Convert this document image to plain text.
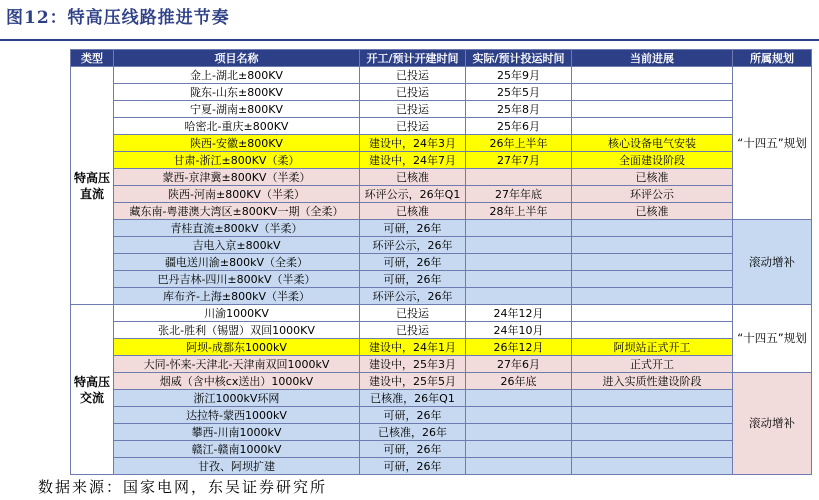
图12：特高压线路推进节奏
类型	项目名称	开工/预计开建时间	实际/预计投运时间	当前进展	所属规划
特高压直流	金上-湖北±800KV	已投运	25年9月		“十四五”规划
	陇东-山东±800KV	已投运	25年5月		
	宁夏-湖南±800KV	已投运	25年8月		
	哈密北-重庆±800KV	已投运	25年6月		
	陕西-安徽±800KV	建设中，24年3月	26年上半年	核心设备电气安装	
	甘肃-浙江±800KV（柔）	建设中，24年7月	27年7月	全面建设阶段	
	蒙西-京津冀±800KV（半柔）	已核准		已核准	
	陕西-河南±800KV（半柔）	环评公示，26年Q1	27年年底	环评公示	
	藏东南-粤港澳大湾区±800KV一期（全柔）	已核准	28年上半年	已核准	
	青桂直流±800kV（半柔）	可研，26年			滚动增补
	吉电入京±800kV	环评公示，26年			
	疆电送川渝±800kV（全柔）	可研，26年			
	巴丹吉林-四川±800kV（半柔）	可研，26年			
	库布齐-上海±800kV（半柔）	环评公示，26年			
特高压交流	川渝1000KV	已投运	24年12月		“十四五”规划
	张北-胜利（锡盟）双回1000KV	已投运	24年10月		
	阿坝-成都东1000kV	建设中，24年1月	26年12月	阿坝站正式开工	
	大同-怀来-天津北-天津南双回1000kV	建设中，25年3月	27年6月	正式开工	
	烟威（含中核cx送出）1000kV	建设中，25年5月	26年底	进入实质性建设阶段	滚动增补
	浙江1000kV环网	已核准，26年Q1			
	达拉特-蒙西1000kV	可研，26年			
	攀西-川南1000kV	已核准，26年			
	赣江-赣南1000kV	可研，26年			
	甘孜、阿坝扩建	可研，26年			
数据来源：国家电网，东吴证券研究所
